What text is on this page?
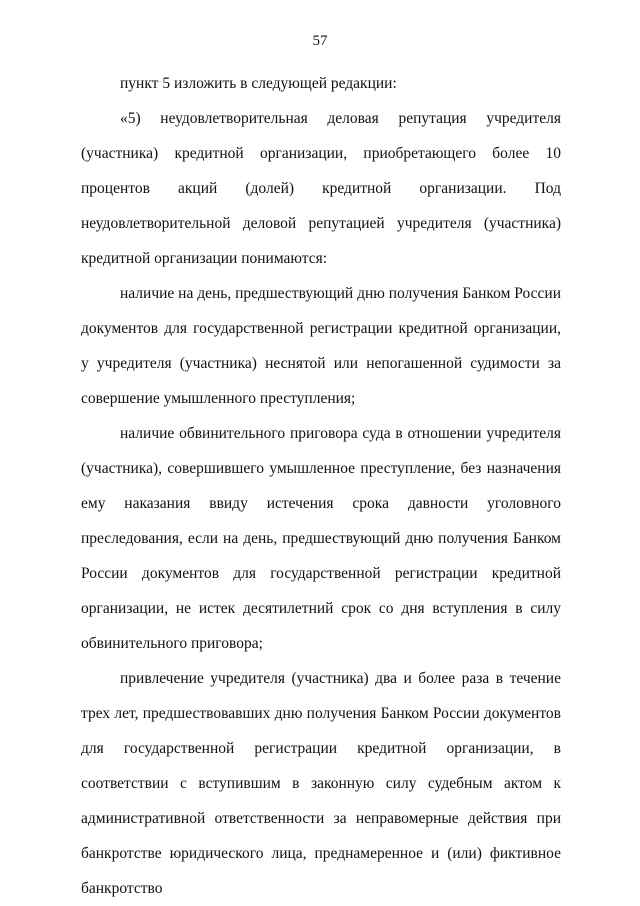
57

пункт 5 изложить в следующей редакции:

«5) неудовлетворительная деловая репутация учредителя (участника) кредитной организации, приобретающего более 10 процентов акций (долей) кредитной организации. Под неудовлетворительной деловой репутацией учредителя (участника) кредитной организации понимаются:

наличие на день, предшествующий дню получения Банком России документов для государственной регистрации кредитной организации, у учредителя (участника) неснятой или непогашенной судимости за совершение умышленного преступления;

наличие обвинительного приговора суда в отношении учредителя (участника), совершившего умышленное преступление, без назначения ему наказания ввиду истечения срока давности уголовного преследования, если на день, предшествующий дню получения Банком России документов для государственной регистрации кредитной организации, не истек десятилетний срок со дня вступления в силу обвинительного приговора;

привлечение учредителя (участника) два и более раза в течение трех лет, предшествовавших дню получения Банком России документов для государственной регистрации кредитной организации, в соответствии с вступившим в законную силу судебным актом к административной ответственности за неправомерные действия при банкротстве юридического лица, преднамеренное и (или) фиктивное банкротство
